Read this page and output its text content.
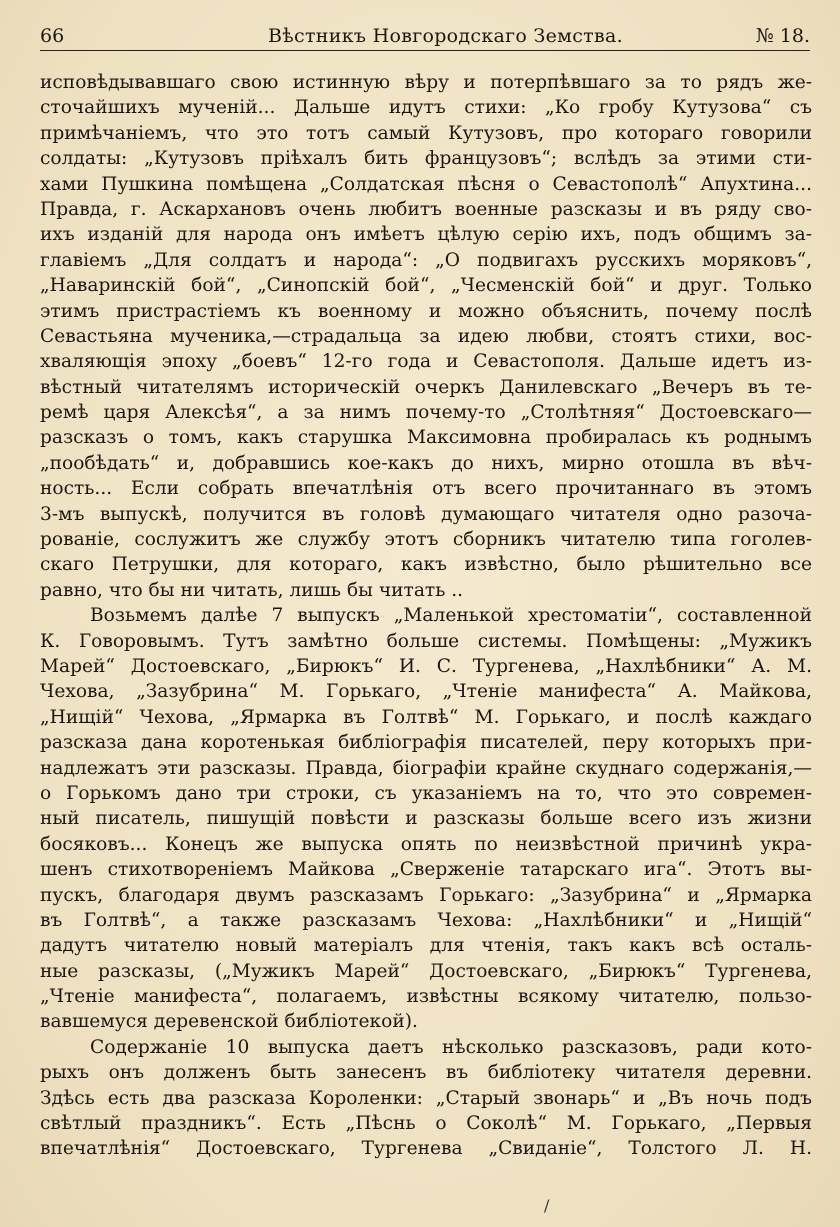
66	Вѣстникъ Новгородскаго Земства.	№ 18.
исповѣдывавшаго свою истинную вѣру и потерпѣвшаго за то рядъ же-
сточайшихъ мученій... Дальше идутъ стихи: „Ко гробу Кутузова“ съ
примѣчаніемъ, что это тотъ самый Кутузовъ, про котораго говорили
солдаты: „Кутузовъ пріѣхалъ бить французовъ“; вслѣдъ за этими сти-
хами Пушкина помѣщена „Солдатская пѣсня о Севастополѣ“ Апухтина...
Правда, г. Аскархановъ очень любитъ военные разсказы и въ ряду сво-
ихъ изданій для народа онъ имѣетъ цѣлую серію ихъ, подъ общимъ за-
главіемъ „Для солдатъ и народа“: „О подвигахъ русскихъ моряковъ“,
„Наваринскій бой“, „Синопскій бой“, „Чесменскій бой“ и друг. Только
этимъ пристрастіемъ къ военному и можно объяснить, почему послѣ
Севастьяна мученика,—страдальца за идею любви, стоятъ стихи, вос-
хваляющія эпоху „боевъ“ 12-го года и Севастополя. Дальше идетъ из-
вѣстный читателямъ историческій очеркъ Данилевскаго „Вечеръ въ те-
ремѣ царя Алексѣя“, а за нимъ почему-то „Столѣтняя“ Достоевскаго—
разсказъ о томъ, какъ старушка Максимовна пробиралась къ роднымъ
„пообѣдать“ и, добравшись кое-какъ до нихъ, мирно отошла въ вѣч-
ность... Если собрать впечатлѣнія отъ всего прочитаннаго въ этомъ
3-мъ выпускѣ, получится въ головѣ думающаго читателя одно разоча-
рованіе, сослужитъ же службу этотъ сборникъ читателю типа гоголев-
скаго Петрушки, для котораго, какъ извѣстно, было рѣшительно все
равно, что бы ни читать, лишь бы читать ..
Возьмемъ далѣе 7 выпускъ „Маленькой хрестоматіи“, составленной
К. Говоровымъ. Тутъ замѣтно больше системы. Помѣщены: „Мужикъ
Марей“ Достоевскаго, „Бирюкъ“ И. С. Тургенева, „Нахлѣбники“ А. М.
Чехова, „Зазубрина“ М. Горькаго, „Чтеніе манифеста“ А. Майкова,
„Нищій“ Чехова, „Ярмарка въ Голтвѣ“ М. Горькаго, и послѣ каждаго
разсказа дана коротенькая библіографія писателей, перу которыхъ при-
надлежатъ эти разсказы. Правда, біографіи крайне скуднаго содержанія,—
о Горькомъ дано три строки, съ указаніемъ на то, что это современ-
ный писатель, пишущій повѣсти и разсказы больше всего изъ жизни
босяковъ... Конецъ же выпуска опять по неизвѣстной причинѣ укра-
шенъ стихотвореніемъ Майкова „Сверженіе татарскаго ига“. Этотъ вы-
пускъ, благодаря двумъ разсказамъ Горькаго: „Зазубрина“ и „Ярмарка
въ Голтвѣ“, а также разсказамъ Чехова: „Нахлѣбники“ и „Нищій“
дадутъ читателю новый матеріалъ для чтенія, такъ какъ всѣ осталь-
ные разсказы, („Мужикъ Марей“ Достоевскаго, „Бирюкъ“ Тургенева,
„Чтеніе манифеста“, полагаемъ, извѣстны всякому читателю, пользо-
вавшемуся деревенской библіотекой).
Содержаніе 10 выпуска даетъ нѣсколько разсказовъ, ради кото-
рыхъ онъ долженъ быть занесенъ въ библіотеку читателя деревни.
Здѣсь есть два разсказа Короленки: „Старый звонарь“ и „Въ ночь подъ
свѣтлый праздникъ“. Есть „Пѣснь о Соколѣ“ М. Горькаго, „Первыя
впечатлѣнія“ Достоевскаго, Тургенева „Свиданіе“, Толстого Л. Н.
/
